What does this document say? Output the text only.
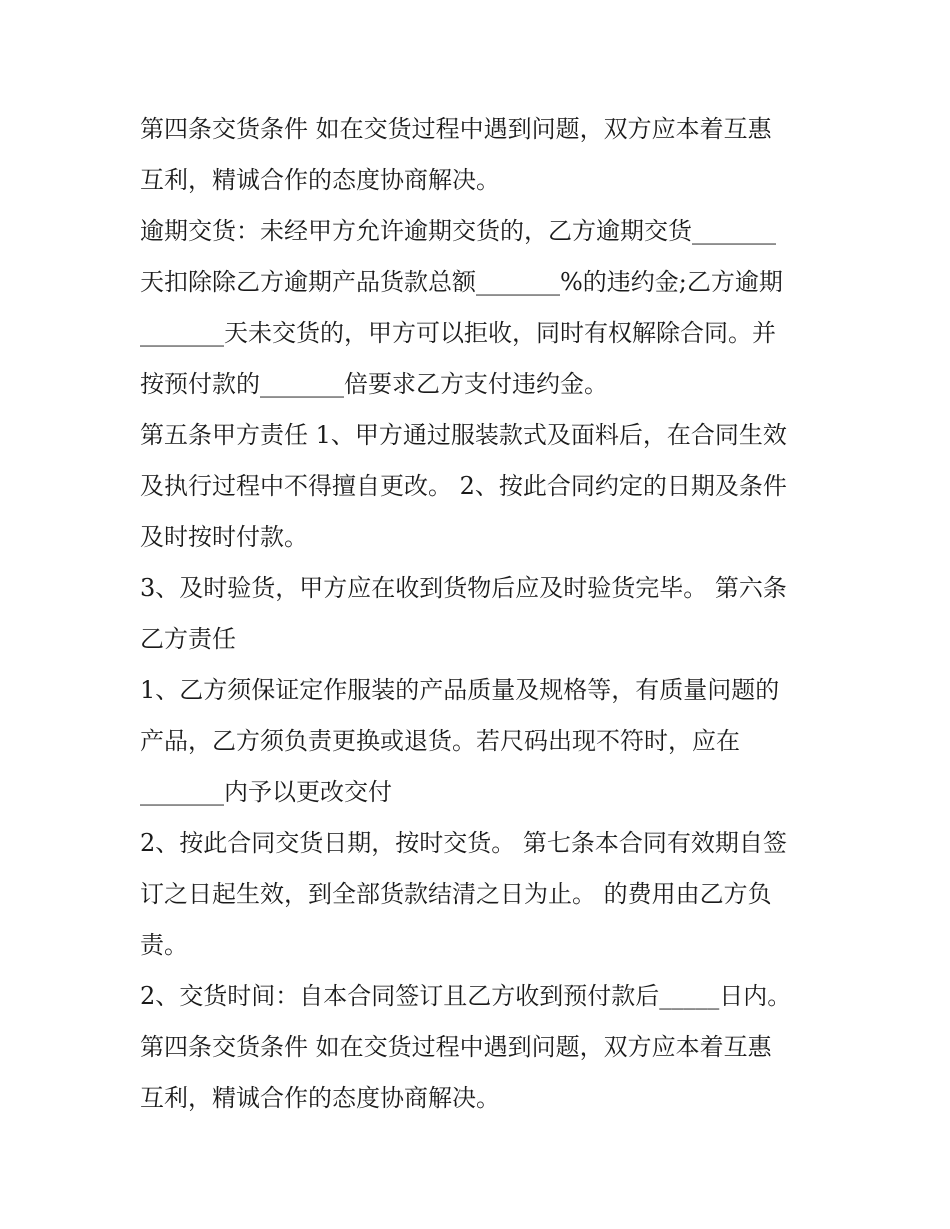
第四条交货条件 如在交货过程中遇到问题，双方应本着互惠
互利，精诚合作的态度协商解决。

逾期交货：未经甲方允许逾期交货的，乙方逾期交货_______
天扣除除乙方逾期产品货款总额_______%的违约金;乙方逾期
_______天未交货的，甲方可以拒收，同时有权解除合同。并
按预付款的_______倍要求乙方支付违约金。

第五条甲方责任 1、甲方通过服装款式及面料后，在合同生效
及执行过程中不得擅自更改。 2、按此合同约定的日期及条件
及时按时付款。

3、及时验货，甲方应在收到货物后应及时验货完毕。 第六条
乙方责任

1、乙方须保证定作服装的产品质量及规格等，有质量问题的
产品，乙方须负责更换或退货。若尺码出现不符时，应在
_______内予以更改交付

2、按此合同交货日期，按时交货。 第七条本合同有效期自签
订之日起生效，到全部货款结清之日为止。 的费用由乙方负
责。

2、交货时间：自本合同签订且乙方收到预付款后_____日内。

第四条交货条件 如在交货过程中遇到问题，双方应本着互惠
互利，精诚合作的态度协商解决。
